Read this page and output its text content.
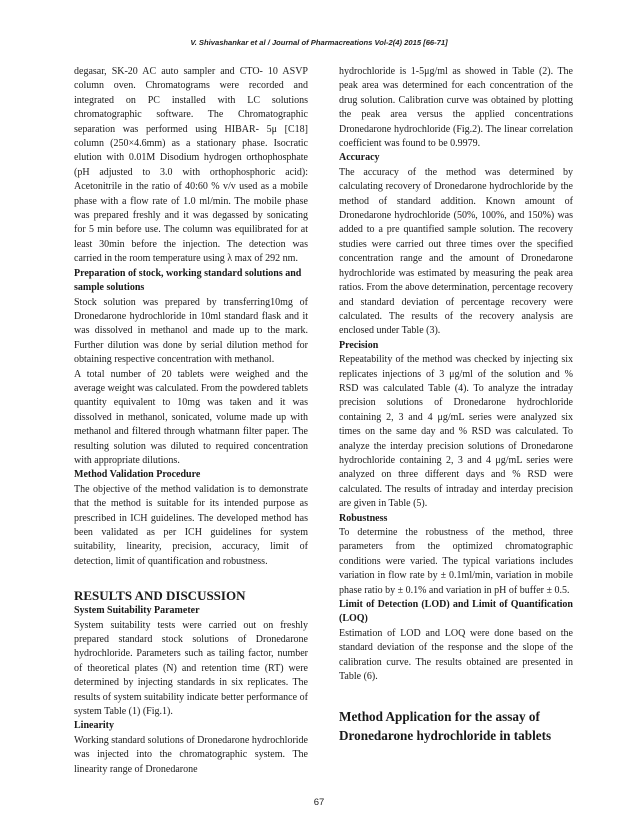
V. Shivashankar et al / Journal of Pharmacreations Vol-2(4) 2015 [66-71]

degasar, SK-20 AC auto sampler and CTO- 10 ASVP column oven. Chromatograms were recorded and integrated on PC installed with LC solutions chromatographic software. The Chromatographic separation was performed using HIBAR- 5μ [C18] column (250×4.6mm) as a stationary phase. Isocratic elution with 0.01M Disodium hydrogen orthophosphate (pH adjusted to 3.0 with orthophosphoric acid): Acetonitrile in the ratio of 40:60 % v/v used as a mobile phase with a flow rate of 1.0 ml/min. The mobile phase was prepared freshly and it was degassed by sonicating for 5 min before use. The column was equilibrated for at least 30min before the injection. The detection was carried in the room temperature using λ max of 292 nm.

Preparation of stock, working standard solutions and sample solutions

Stock solution was prepared by transferring10mg of Dronedarone hydrochloride in 10ml standard flask and it was dissolved in methanol and made up to the mark. Further dilution was done by serial dilution method for obtaining respective concentration with methanol.

A total number of 20 tablets were weighed and the average weight was calculated. From the powdered tablets quantity equivalent to 10mg was taken and it was dissolved in methanol, sonicated, volume made up with methanol and filtered through whatmann filter paper. The resulting solution was diluted to required concentration with appropriate dilutions.

Method Validation Procedure

The objective of the method validation is to demonstrate that the method is suitable for its intended purpose as prescribed in ICH guidelines. The developed method has been validated as per ICH guidelines for system suitability, linearity, precision, accuracy, limit of detection, limit of quantification and robustness.

RESULTS AND DISCUSSION
System Suitability Parameter

System suitability tests were carried out on freshly prepared standard stock solutions of Dronedarone hydrochloride. Parameters such as tailing factor, number of theoretical plates (N) and retention time (RT) were determined by injecting standards in six replicates. The results of system suitability indicate better performance of system Table (1) (Fig.1).

Linearity

Working standard solutions of Dronedarone hydrochloride was injected into the chromatographic system. The linearity range of Dronedarone

hydrochloride is 1-5μg/ml as showed in Table (2). The peak area was determined for each concentration of the drug solution. Calibration curve was obtained by plotting the peak area versus the applied concentrations Dronedarone hydrochloride (Fig.2). The linear correlation coefficient was found to be 0.9979.

Accuracy

The accuracy of the method was determined by calculating recovery of Dronedarone hydrochloride by the method of standard addition. Known amount of Dronedarone hydrochloride (50%, 100%, and 150%) was added to a pre quantified sample solution. The recovery studies were carried out three times over the specified concentration range and the amount of Dronedarone hydrochloride was estimated by measuring the peak area ratios. From the above determination, percentage recovery and standard deviation of percentage recovery were calculated. The results of the recovery analysis are enclosed under Table (3).

Precision

Repeatability of the method was checked by injecting six replicates injections of 3 μg/ml of the solution and % RSD was calculated Table (4). To analyze the intraday precision solutions of Dronedarone hydrochloride containing 2, 3 and 4 μg/mL series were analyzed six times on the same day and % RSD was calculated. To analyze the interday precision solutions of Dronedarone hydrochloride containing 2, 3 and 4 μg/mL series were analyzed on three different days and % RSD were calculated. The results of intraday and interday precision are given in Table (5).

Robustness

To determine the robustness of the method, three parameters from the optimized chromatographic conditions were varied. The typical variations includes variation in flow rate by ± 0.1ml/min, variation in mobile phase ratio by ± 0.1% and variation in pH of buffer ± 0.5.

Limit of Detection (LOD) and Limit of Quantification (LOQ)

Estimation of LOD and LOQ were done based on the standard deviation of the response and the slope of the calibration curve. The results obtained are presented in Table (6).

Method Application for the assay of Dronedarone hydrochloride in tablets
67
